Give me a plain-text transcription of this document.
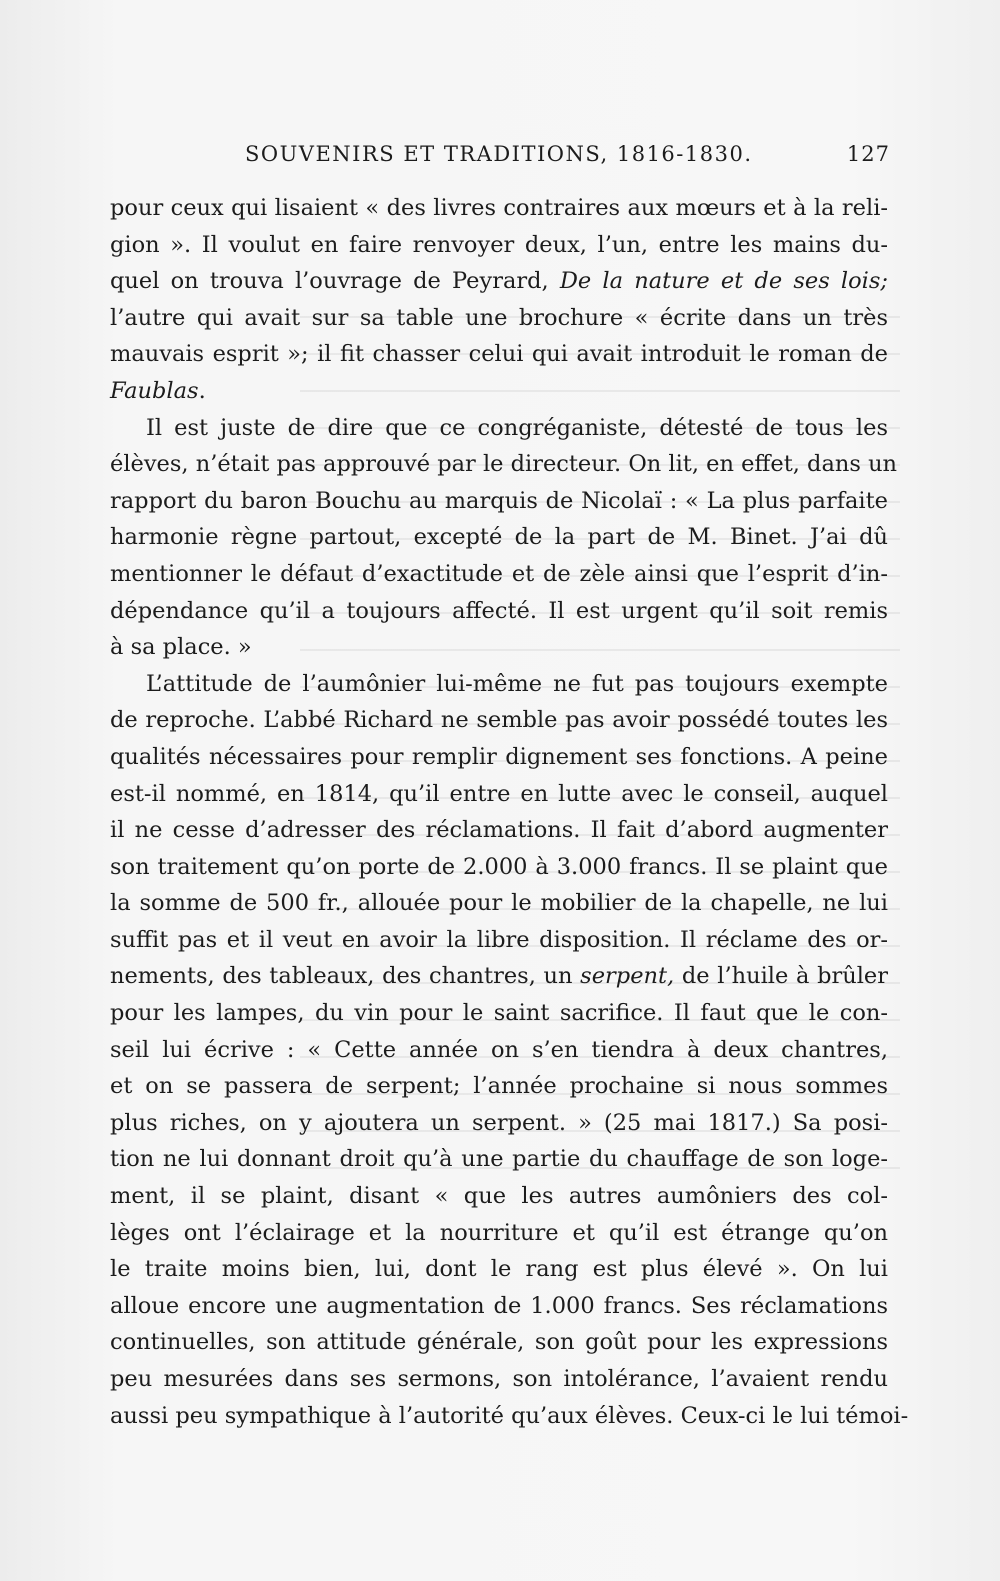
SOUVENIRS ET TRADITIONS, 1816-1830.	127
pour ceux qui lisaient « des livres contraires aux mœurs et à la reli-
gion ». Il voulut en faire renvoyer deux, l’un, entre les mains du-
quel on trouva l’ouvrage de Peyrard, De la nature et de ses lois;
l’autre qui avait sur sa table une brochure « écrite dans un très
mauvais esprit »; il fit chasser celui qui avait introduit le roman de
Faublas.
Il est juste de dire que ce congréganiste, détesté de tous les
élèves, n’était pas approuvé par le directeur. On lit, en effet, dans un
rapport du baron Bouchu au marquis de Nicolaï : « La plus parfaite
harmonie règne partout, excepté de la part de M. Binet. J’ai dû
mentionner le défaut d’exactitude et de zèle ainsi que l’esprit d’in-
dépendance qu’il a toujours affecté. Il est urgent qu’il soit remis
à sa place. »
L’attitude de l’aumônier lui-même ne fut pas toujours exempte
de reproche. L’abbé Richard ne semble pas avoir possédé toutes les
qualités nécessaires pour remplir dignement ses fonctions. A peine
est-il nommé, en 1814, qu’il entre en lutte avec le conseil, auquel
il ne cesse d’adresser des réclamations. Il fait d’abord augmenter
son traitement qu’on porte de 2.000 à 3.000 francs. Il se plaint que
la somme de 500 fr., allouée pour le mobilier de la chapelle, ne lui
suffit pas et il veut en avoir la libre disposition. Il réclame des or-
nements, des tableaux, des chantres, un serpent, de l’huile à brûler
pour les lampes, du vin pour le saint sacrifice. Il faut que le con-
seil lui écrive : « Cette année on s’en tiendra à deux chantres,
et on se passera de serpent; l’année prochaine si nous sommes
plus riches, on y ajoutera un serpent. » (25 mai 1817.) Sa posi-
tion ne lui donnant droit qu’à une partie du chauffage de son loge-
ment, il se plaint, disant « que les autres aumôniers des col-
lèges ont l’éclairage et la nourriture et qu’il est étrange qu’on
le traite moins bien, lui, dont le rang est plus élevé ». On lui
alloue encore une augmentation de 1.000 francs. Ses réclamations
continuelles, son attitude générale, son goût pour les expressions
peu mesurées dans ses sermons, son intolérance, l’avaient rendu
aussi peu sympathique à l’autorité qu’aux élèves. Ceux-ci le lui témoi-
